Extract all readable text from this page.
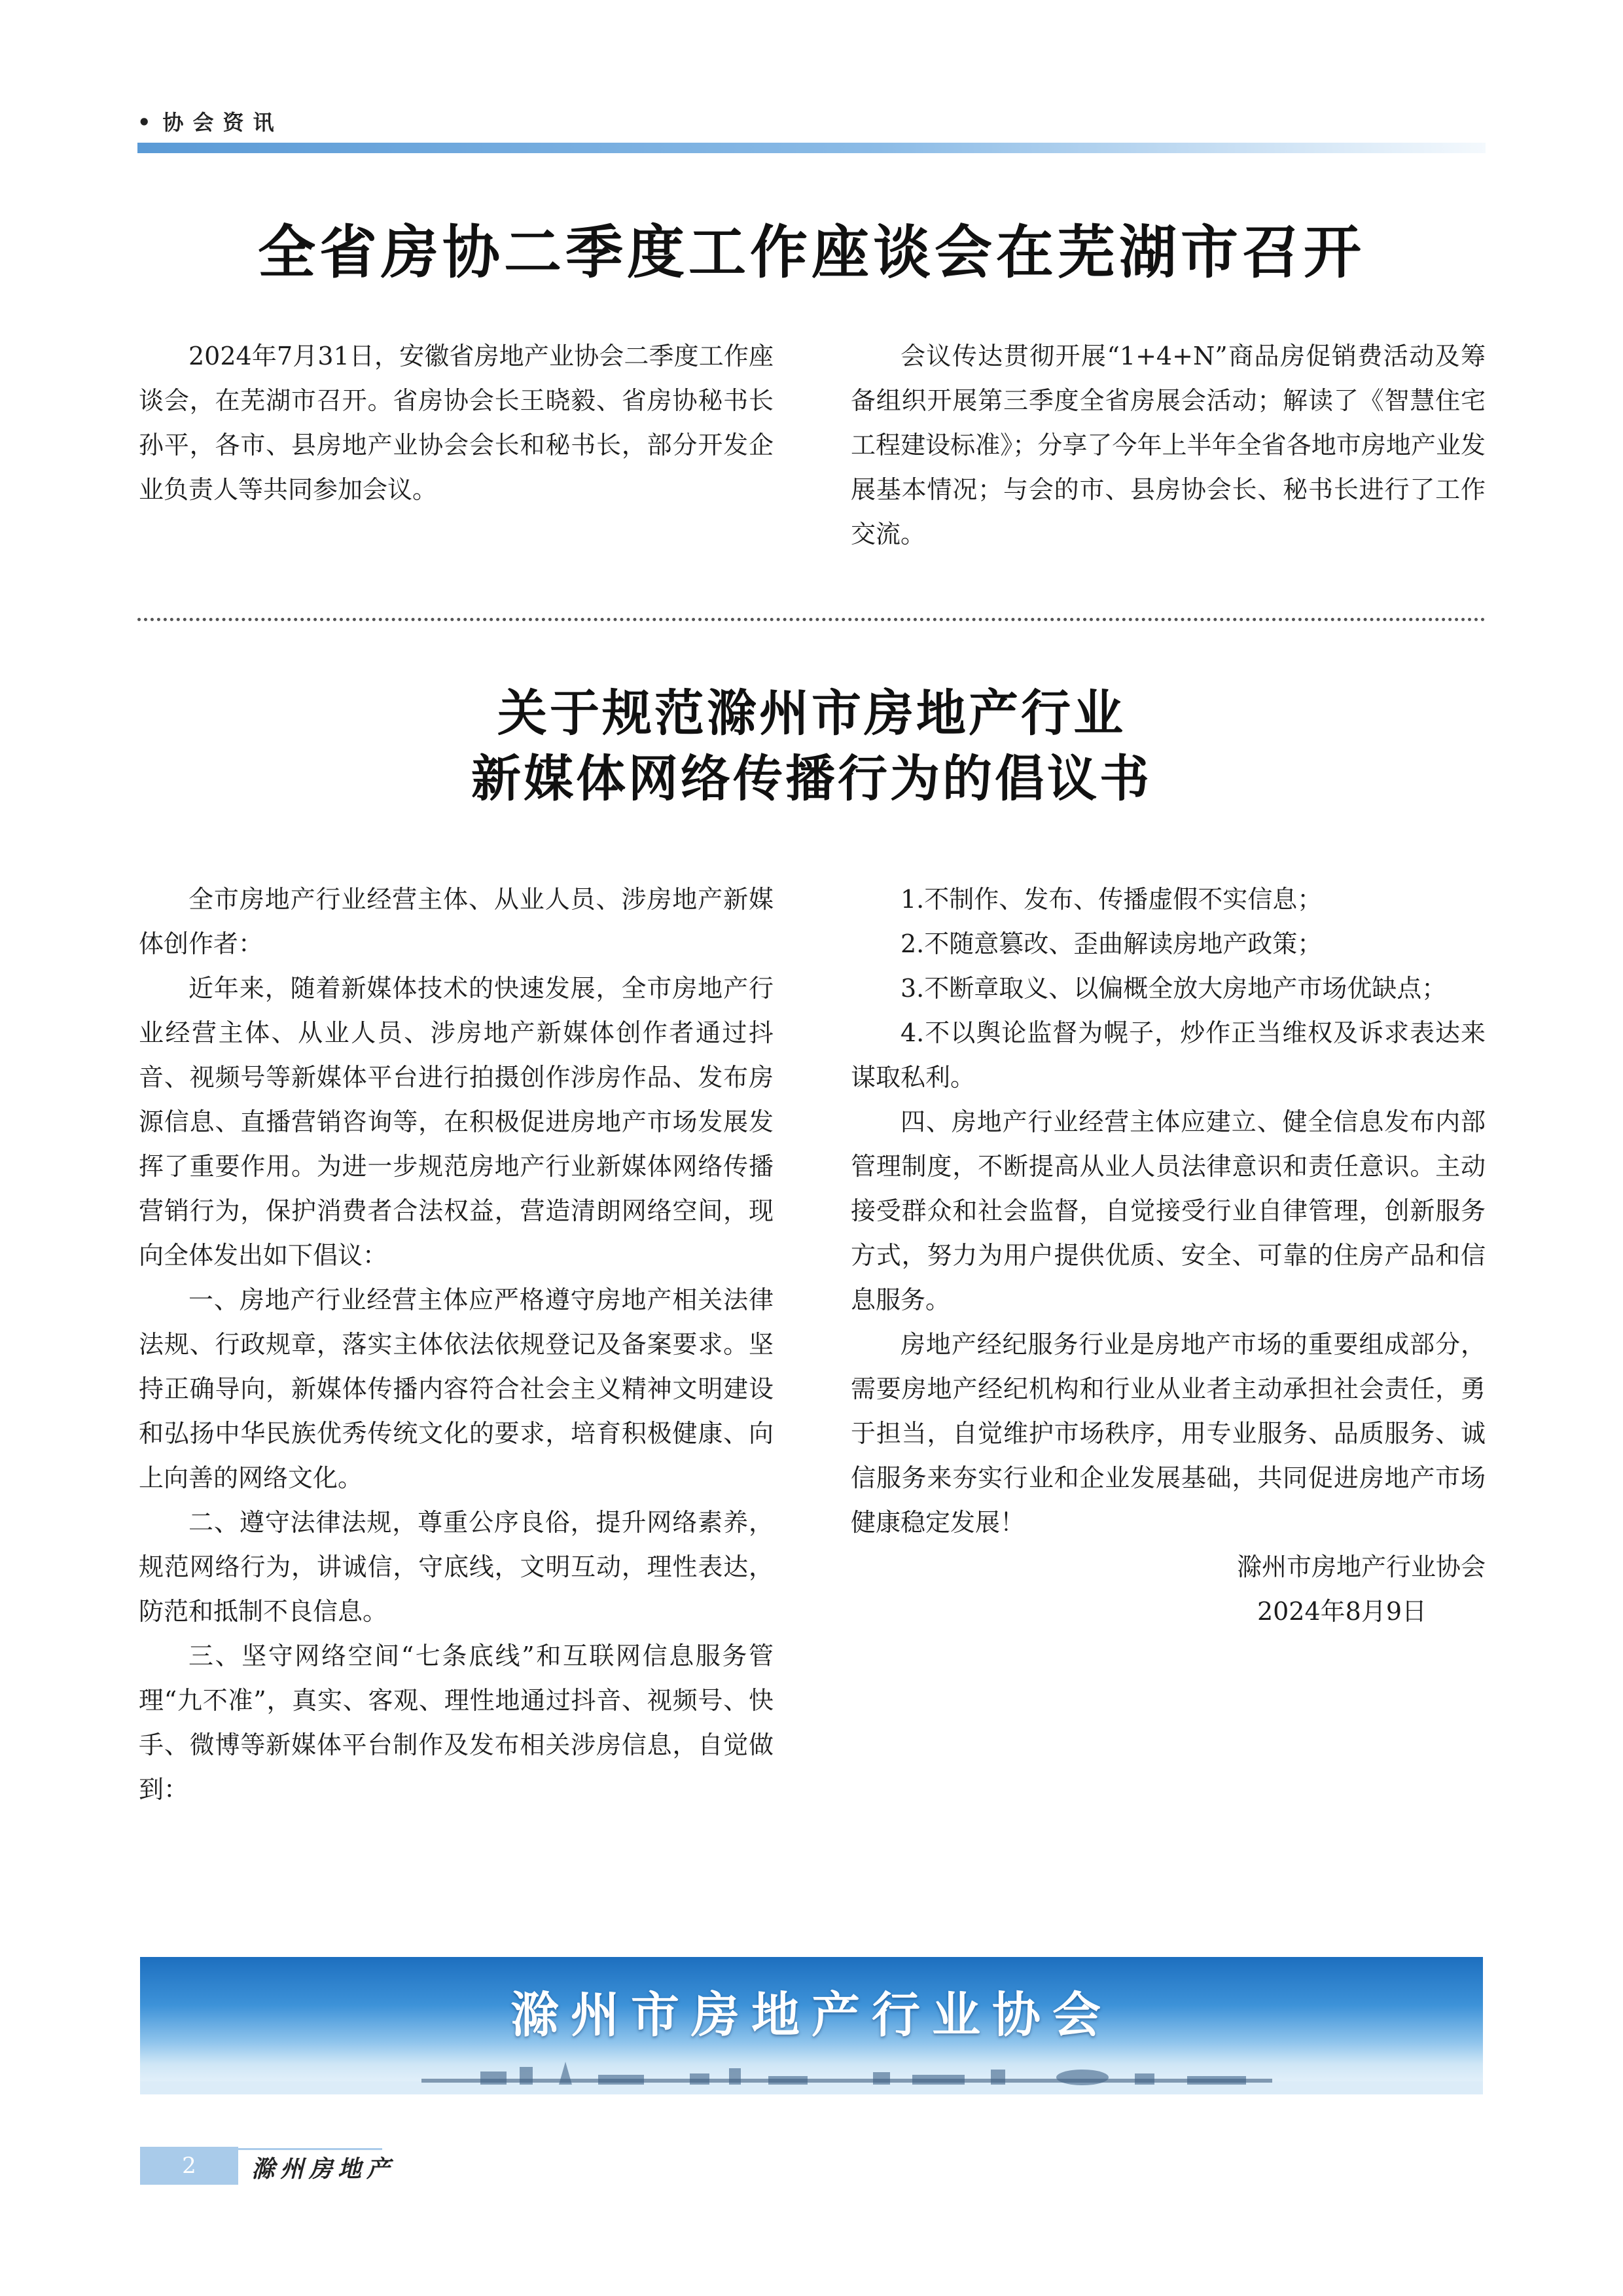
• 协会资讯
全省房协二季度工作座谈会在芜湖市召开

2024年7月31日，安徽省房地产业协会二季度工作座谈会，在芜湖市召开。省房协会长王晓毅、省房协秘书长孙平，各市、县房地产业协会会长和秘书长，部分开发企业负责人等共同参加会议。

会议传达贯彻开展“1+4+N”商品房促销费活动及筹备组织开展第三季度全省房展会活动；解读了《智慧住宅工程建设标准》；分享了今年上半年全省各地市房地产业发展基本情况；与会的市、县房协会长、秘书长进行了工作交流。

关于规范滁州市房地产行业
新媒体网络传播行为的倡议书

全市房地产行业经营主体、从业人员、涉房地产新媒体创作者：

近年来，随着新媒体技术的快速发展，全市房地产行业经营主体、从业人员、涉房地产新媒体创作者通过抖音、视频号等新媒体平台进行拍摄创作涉房作品、发布房源信息、直播营销咨询等，在积极促进房地产市场发展发挥了重要作用。为进一步规范房地产行业新媒体网络传播营销行为，保护消费者合法权益，营造清朗网络空间，现向全体发出如下倡议：

一、房地产行业经营主体应严格遵守房地产相关法律法规、行政规章，落实主体依法依规登记及备案要求。坚持正确导向，新媒体传播内容符合社会主义精神文明建设和弘扬中华民族优秀传统文化的要求，培育积极健康、向上向善的网络文化。

二、遵守法律法规，尊重公序良俗，提升网络素养，规范网络行为，讲诚信，守底线，文明互动，理性表达，防范和抵制不良信息。

三、坚守网络空间“七条底线”和互联网信息服务管理“九不准”，真实、客观、理性地通过抖音、视频号、快手、微博等新媒体平台制作及发布相关涉房信息，自觉做到：

1.不制作、发布、传播虚假不实信息；

2.不随意篡改、歪曲解读房地产政策；

3.不断章取义、以偏概全放大房地产市场优缺点；

4.不以舆论监督为幌子，炒作正当维权及诉求表达来谋取私利。

四、房地产行业经营主体应建立、健全信息发布内部管理制度，不断提高从业人员法律意识和责任意识。主动接受群众和社会监督，自觉接受行业自律管理，创新服务方式，努力为用户提供优质、安全、可靠的住房产品和信息服务。

房地产经纪服务行业是房地产市场的重要组成部分，需要房地产经纪机构和行业从业者主动承担社会责任，勇于担当，自觉维护市场秩序，用专业服务、品质服务、诚信服务来夯实行业和企业发展基础，共同促进房地产市场健康稳定发展！

滁州市房地产行业协会

2024年8月9日

滁州市房地产行业协会
2	滁州房地产
